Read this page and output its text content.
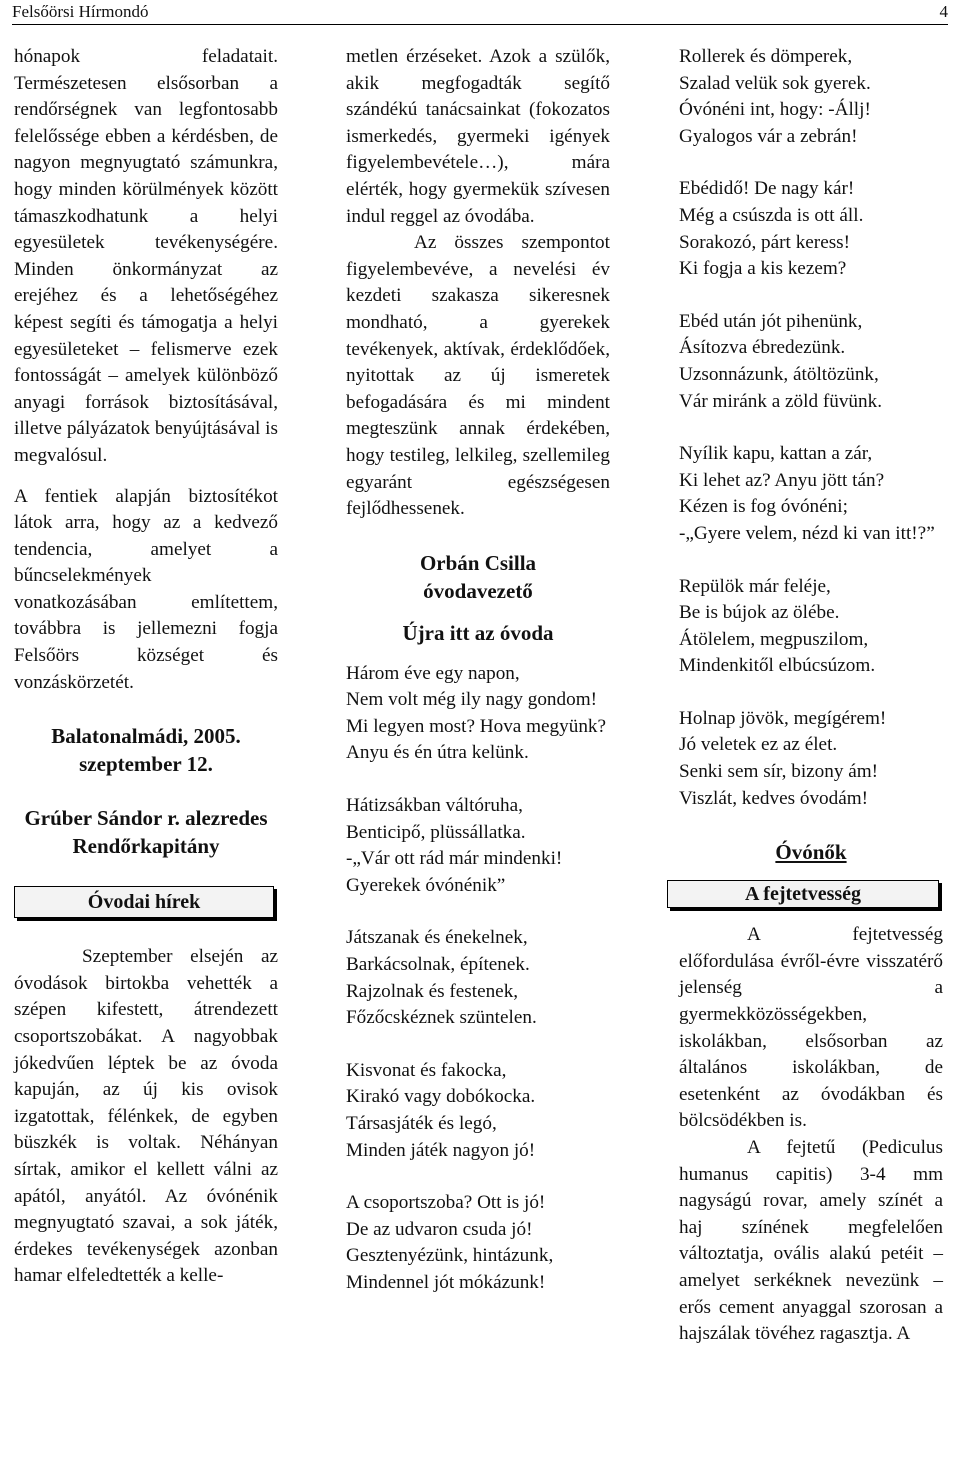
Felsőörsi Hírmondó	4

hónapok feladatait. Természetesen elsősorban a rendőrségnek van legfontosabb felelőssége ebben a kérdésben, de nagyon megnyugtató számunkra, hogy minden körülmények között támaszkodhatunk a helyi egyesületek tevékenységére. Minden önkormányzat az erejéhez és a lehetőségéhez képest segíti és támogatja a helyi egyesületeket – felismerve ezek fontosságát – amelyek különböző anyagi források biztosításával, illetve pályázatok benyújtásával is megvalósul.

A fentiek alapján biztosítékot látok arra, hogy az a kedvező tendencia, amelyet a bűncselekmények vonatkozásában említettem, továbbra is jellemezni fogja Felsőörs községet és vonzáskörzetét.

Balatonalmádi, 2005.
szeptember 12.
Grúber Sándor r. alezredes
Rendőrkapitány
Óvodai hírek

Szeptember elsején az óvodások birtokba vehették a szépen kifestett, átrendezett csoportszobákat. A nagyobbak jókedvűen léptek be az óvoda kapuján, az új kis ovisok izgatottak, félénkek, de egyben büszkék is voltak. Néhányan sírtak, amikor el kellett válni az apától, anyától. Az óvónénik megnyugtató szavai, a sok játék, érdekes tevékenységek azonban hamar elfeledtették a kelle-

metlen érzéseket. Azok a szülők, akik megfogadták segítő szándékú tanácsainkat (fokozatos ismerkedés, gyermeki igények figyelembevétele…), mára elérték, hogy gyermekük szívesen indul reggel az óvodába.

Az összes szempontot figyelembevéve, a nevelési év kezdeti szakasza sikeresnek mondható, a gyerekek tevékenyek, aktívak, érdeklődőek, nyitottak az új ismeretek befogadására és mi mindent megteszünk annak érdekében, hogy testileg, lelkileg, szellemileg egyaránt egészségesen fejlődhessenek.

Orbán Csilla
óvodavezető
Újra itt az óvoda
Három éve egy napon,
Nem volt még ily nagy gondom!
Mi legyen most? Hova megyünk?
Anyu és én útra kelünk.
Hátizsákban váltóruha,
Benticipő, plüssállatka.
-„Vár ott rád már mindenki!
Gyerekek óvónénik”
Játszanak és énekelnek,
Barkácsolnak, építenek.
Rajzolnak és festenek,
Főzőcskéznek szüntelen.
Kisvonat és fakocka,
Kirakó vagy dobókocka.
Társasjáték és legó,
Minden játék nagyon jó!
A csoportszoba? Ott is jó!
De az udvaron csuda jó!
Gesztenyézünk, hintázunk,
Mindennel jót mókázunk!
Rollerek és dömperek,
Szalad velük sok gyerek.
Óvónéni int, hogy: -Állj!
Gyalogos vár a zebrán!
Ebédidő! De nagy kár!
Még a csúszda is ott áll.
Sorakozó, párt keress!
Ki fogja a kis kezem?
Ebéd után jót pihenünk,
Ásítozva ébredezünk.
Uzsonnázunk, átöltözünk,
Vár miránk a zöld füvünk.
Nyílik kapu, kattan a zár,
Ki lehet az? Anyu jött tán?
Kézen is fog óvónéni;
-„Gyere velem, nézd ki van itt!?”
Repülök már feléje,
Be is bújok az ölébe.
Átölelem, megpuszilom,
Mindenkitől elbúcsúzom.
Holnap jövök, megígérem!
Jó veletek ez az élet.
Senki sem sír, bizony ám!
Viszlát, kedves óvodám!
Óvónők
A fejtetvesség

A fejtetvesség előfordulása évről-évre visszatérő jelenség a gyermekközösségekben, iskolákban, elsősorban az általános iskolákban, de esetenként az óvodákban és bölcsödékben is.

A fejtetű (Pediculus humanus capitis) 3-4 mm nagyságú rovar, amely színét a haj színének megfelelően változtatja, ovális alakú petéit – amelyet serkéknek nevezünk – erős cement anyaggal szorosan a hajszálak tövéhez ragasztja. A
